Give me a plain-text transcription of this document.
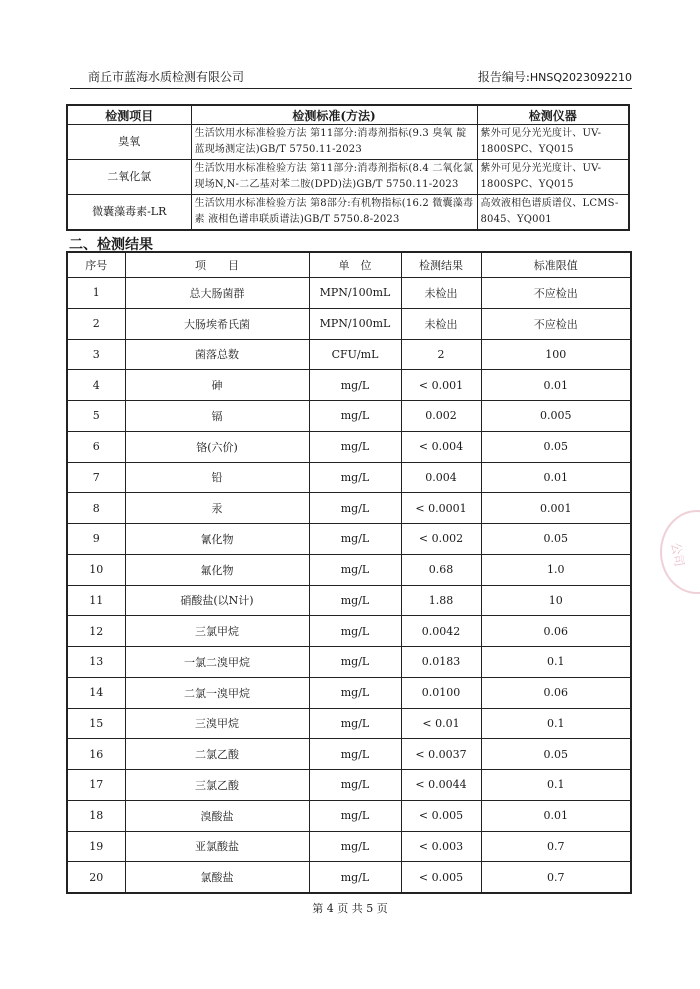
商丘市蓝海水质检测有限公司	报告编号:HNSQ2023092210
检测项目	检测标准(方法)	检测仪器
臭氧	生活饮用水标准检验方法 第11部分:消毒剂指标(9.3 臭氧 靛蓝现场测定法)GB/T 5750.11-2023	紫外可见分光光度计、UV-1800SPC、YQ015
二氧化氯	生活饮用水标准检验方法 第11部分:消毒剂指标(8.4 二氧化氯 现场N,N-二乙基对苯二胺(DPD)法)GB/T 5750.11-2023	紫外可见分光光度计、UV-1800SPC、YQ015
微囊藻毒素-LR	生活饮用水标准检验方法 第8部分:有机物指标(16.2 微囊藻毒素 液相色谱串联质谱法)GB/T 5750.8-2023	高效液相色谱质谱仪、LCMS-8045、YQ001
二、检测结果
序号	项　　目	单　位	检测结果	标准限值
1	总大肠菌群	MPN/100mL	未检出	不应检出
2	大肠埃希氏菌	MPN/100mL	未检出	不应检出
3	菌落总数	CFU/mL	2	100
4	砷	mg/L	< 0.001	0.01
5	镉	mg/L	0.002	0.005
6	铬(六价)	mg/L	< 0.004	0.05
7	铅	mg/L	0.004	0.01
8	汞	mg/L	< 0.0001	0.001
9	氰化物	mg/L	< 0.002	0.05
10	氟化物	mg/L	0.68	1.0
11	硝酸盐(以N计)	mg/L	1.88	10
12	三氯甲烷	mg/L	0.0042	0.06
13	一氯二溴甲烷	mg/L	0.0183	0.1
14	二氯一溴甲烷	mg/L	0.0100	0.06
15	三溴甲烷	mg/L	< 0.01	0.1
16	二氯乙酸	mg/L	< 0.0037	0.05
17	三氯乙酸	mg/L	< 0.0044	0.1
18	溴酸盐	mg/L	< 0.005	0.01
19	亚氯酸盐	mg/L	< 0.003	0.7
20	氯酸盐	mg/L	< 0.005	0.7
第 4 页 共 5 页
公司
